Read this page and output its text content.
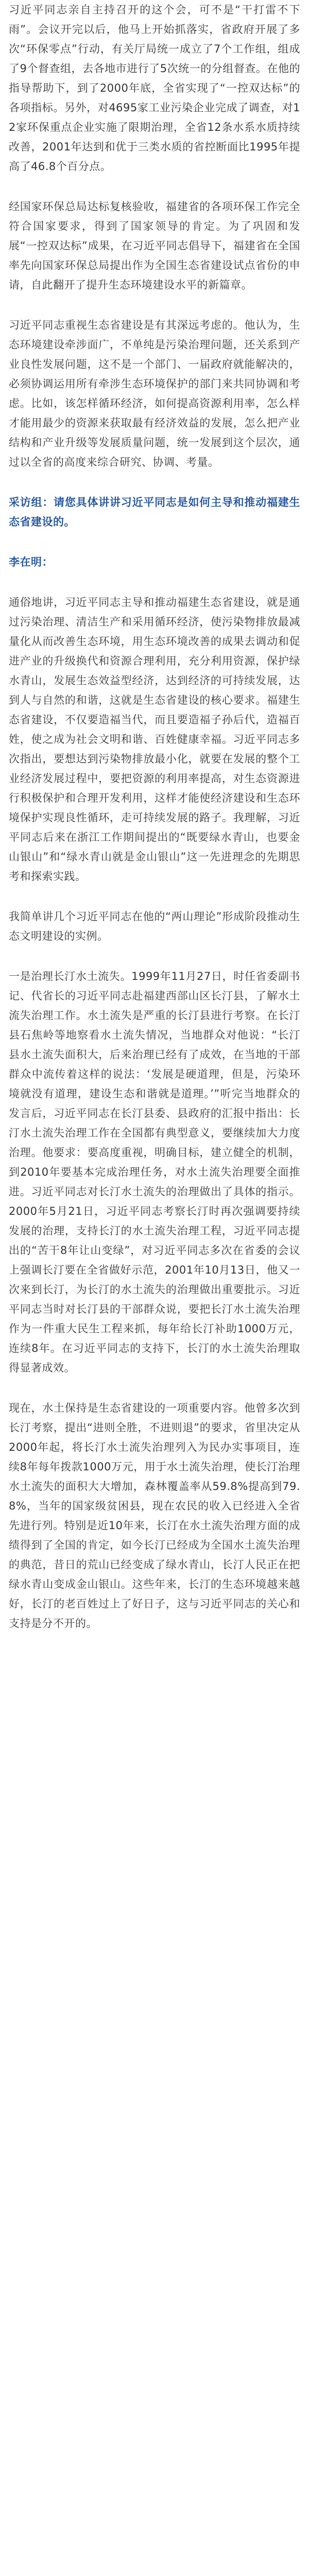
习近平同志亲自主持召开的这个会，可不是“干打雷不下雨”。会议开完以后，他马上开始抓落实，省政府开展了多次“环保零点”行动，有关厅局统一成立了7个工作组，组成了9个督查组，去各地市进行了5次统一的分组督查。在他的指导帮助下，到了2000年底，全省实现了“一控双达标”的各项指标。另外，对4695家工业污染企业完成了调查，对12家环保重点企业实施了限期治理，全省12条水系水质持续改善，2001年达到和优于三类水质的省控断面比1995年提高了46.8个百分点。

经国家环保总局达标复核验收，福建省的各项环保工作完全符合国家要求，得到了国家领导的肯定。为了巩固和发展“一控双达标”成果，在习近平同志倡导下，福建省在全国率先向国家环保总局提出作为全国生态省建设试点省份的申请，自此翻开了提升生态环境建设水平的新篇章。

习近平同志重视生态省建设是有其深远考虑的。他认为，生态环境建设牵涉面广，不单纯是污染治理问题，还关系到产业良性发展问题，这不是一个部门、一届政府就能解决的，必须协调运用所有牵涉生态环境保护的部门来共同协调和考虑。比如，该怎样循环经济，如何提高资源利用率，怎么样才能用最少的资源来获取最有经济效益的发展，怎么把产业结构和产业升级等发展质量问题，统一发展到这个层次，通过以全省的高度来综合研究、协调、考量。

采访组：请您具体讲讲习近平同志是如何主导和推动福建生态省建设的。

李在明：

通俗地讲，习近平同志主导和推动福建生态省建设，就是通过污染治理、清洁生产和采用循环经济，使污染物排放最减量化从而改善生态环境，用生态环境改善的成果去调动和促进产业的升级换代和资源合理利用，充分利用资源，保护绿水青山，发展生态效益型经济，达到经济的可持续发展，达到人与自然的和谐，这就是生态省建设的核心要求。福建生态省建设，不仅要造福当代，而且要造福子孙后代，造福百姓，使之成为社会文明和谐、百姓健康幸福。习近平同志多次指出，要想达到污染物排放最小化，就要在发展的整个工业经济发展过程中，要把资源的利用率提高，对生态资源进行积极保护和合理开发利用，这样才能使经济建设和生态环境保护实现良性循环，走可持续发展的路子。我理解，习近平同志后来在浙江工作期间提出的“既要绿水青山，也要金山银山”和“绿水青山就是金山银山”这一先进理念的先期思考和探索实践。

我简单讲几个习近平同志在他的“两山理论”形成阶段推动生态文明建设的实例。

一是治理长汀水土流失。1999年11月27日，时任省委副书记、代省长的习近平同志赴福建西部山区长汀县，了解水土流失治理工作。水土流失是严重的长汀县进行考察。在长汀县石焦岭等地察看水土流失情况，当地群众对他说：“长汀县水土流失面积大，后来治理已经有了成效，在当地的干部群众中流传着这样的说法：‘发展是硬道理，但是，污染环境就没有道理，建设生态和谐就是道理。’”听完当地群众的发言后，习近平同志在长汀县委、县政府的汇报中指出：长汀水土流失治理工作在全国都有典型意义，要继续加大力度治理。他要求：要高度重视，明确目标，建立健全的机制，到2010年要基本完成治理任务，对水土流失治理要全面推进。习近平同志对长汀水土流失的治理做出了具体的指示。2000年5月21日，习近平同志考察长汀时再次强调要持续发展的治理，支持长汀的水土流失治理工程，习近平同志提出的“苦干8年让山变绿”，对习近平同志多次在省委的会议上强调长汀要在全省做好示范，2001年10月13日，他又一次来到长汀，为长汀的水土流失的治理做出重要批示。习近平同志当时对长汀县的干部群众说，要把长汀水土流失治理作为一件重大民生工程来抓，每年给长汀补助1000万元，连续8年。在习近平同志的支持下，长汀的水土流失治理取得显著成效。

现在，水土保持是生态省建设的一项重要内容。他曾多次到长汀考察，提出“进则全胜，不进则退”的要求，省里决定从2000年起，将长汀水土流失治理列入为民办实事项目，连续8年每年拨款1000万元，用于水土流失治理，使长汀治理水土流失的面积大大增加，森林覆盖率从59.8%提高到79.8%，当年的国家级贫困县，现在农民的收入已经进入全省先进行列。特别是近10年来，长汀在水土流失治理方面的成绩得到了全国的肯定，如今长汀已经成为全国水土流失治理的典范，昔日的荒山已经变成了绿水青山，长汀人民正在把绿水青山变成金山银山。这些年来，长汀的生态环境越来越好，长汀的老百姓过上了好日子，这与习近平同志的关心和支持是分不开的。
